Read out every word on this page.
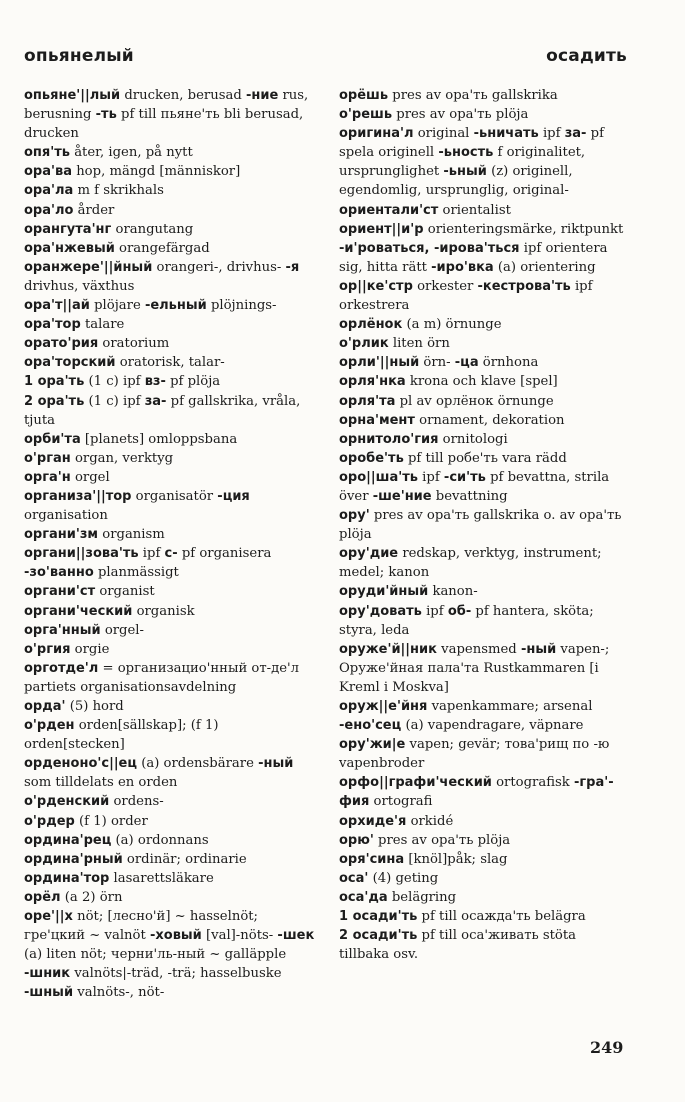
опьянелый	осадить

опьяне'||лый drucken, berusad -ние rus, berusning -ть pf till пьяне'ть bli berusad, drucken

опя'ть åter, igen, på nytt

ора'ва hop, mängd [människor]

ора'ла m f skrikhals

ора'ло årder

орангута'нг orangutang

ора'нжевый orangefärgad

оранжере'||йный orangeri-, drivhus- -я drivhus, växthus

ора'т||ай plöjare -ельный plöjnings-

ора'тор talare

орато'рия oratorium

ора'торский oratorisk, talar-

1 ора'ть (1 c) ipf вз- pf plöja

2 ора'ть (1 c) ipf за- pf gallskrika, vråla, tjuta

орби'та [planets] omloppsbana

о'рган organ, verktyg

орга'н orgel

организа'||тор organisatör -ция organisation

органи'зм organism

органи||зова'ть ipf с- pf organisera -зо'ванно planmässigt

органи'ст organist

органи'ческий organisk

орга'нный orgel-

о'ргия orgie

орготде'л = организацио'нный от-де'л partiets organisationsavdelning

орда' (5) hord

о'рден orden[sällskap]; (f 1) orden[stecken]

орденоно'с||ец (a) ordensbärare -ный som tilldelats en orden

о'рденский ordens-

о'рдер (f 1) order

ордина'рец (a) ordonnans

ордина'рный ordinär; ordinarie

ордина'тор lasarettsläkare

орёл (a 2) örn

оре'||х nöt; [лесно'й] ~ hasselnöt; гре'цкий ~ valnöt -ховый [val]-nöts- -шек (a) liten nöt; черни'ль-ный ~ galläpple -шник valnöts|-träd, -trä; hasselbuske -шный valnöts-, nöt-

орёшь pres av ора'ть gallskrika

о'решь pres av ора'ть plöja

оригина'л original -ьничать ipf за- pf spela originell -ьность f originalitet, ursprunglighet -ьный (z) originell, egendomlig, ursprunglig, original-

ориентали'ст orientalist

ориент||и'р orienteringsmärke, riktpunkt -и'роваться, -ирова'ться ipf orientera sig, hitta rätt -иро'вка (a) orientering

ор||ке'стр orkester -кестрова'ть ipf orkestrera

орлёнок (a m) örnunge

о'рлик liten örn

орли'||ный örn- -ца örnhona

орля'нка krona och klave [spel]

орля'та pl av орлёнок örnunge

орна'мент ornament, dekoration

орнитоло'гия ornitologi

оробе'ть pf till робе'ть vara rädd

оро||ша'ть ipf -си'ть pf bevattna, strila över -ше'ние bevattning

ору' pres av ора'ть gallskrika o. av ора'ть plöja

ору'дие redskap, verktyg, instrument; medel; kanon

оруди'йный kanon-

ору'довать ipf об- pf hantera, sköta; styra, leda

оруже'й||ник vapensmed -ный vapen-; Оруже'йная пала'та Rustkammaren [i Kreml i Moskva]

оруж||е'йня vapenkammare; arsenal -ено'сец (a) vapendragare, väpnare

ору'жи|е vapen; gevär; това'рищ по -ю vapenbroder

орфо||графи'ческий ortografisk -гра'-фия ortografi

орхиде'я orkidé

орю' pres av ора'ть plöja

оря'сина [knöl]påk; slag

оса' (4) geting

оса'да belägring

1 осади'ть pf till осажда'ть belägra

2 осади'ть pf till оса'живать stöta tillbaka osv.

249
